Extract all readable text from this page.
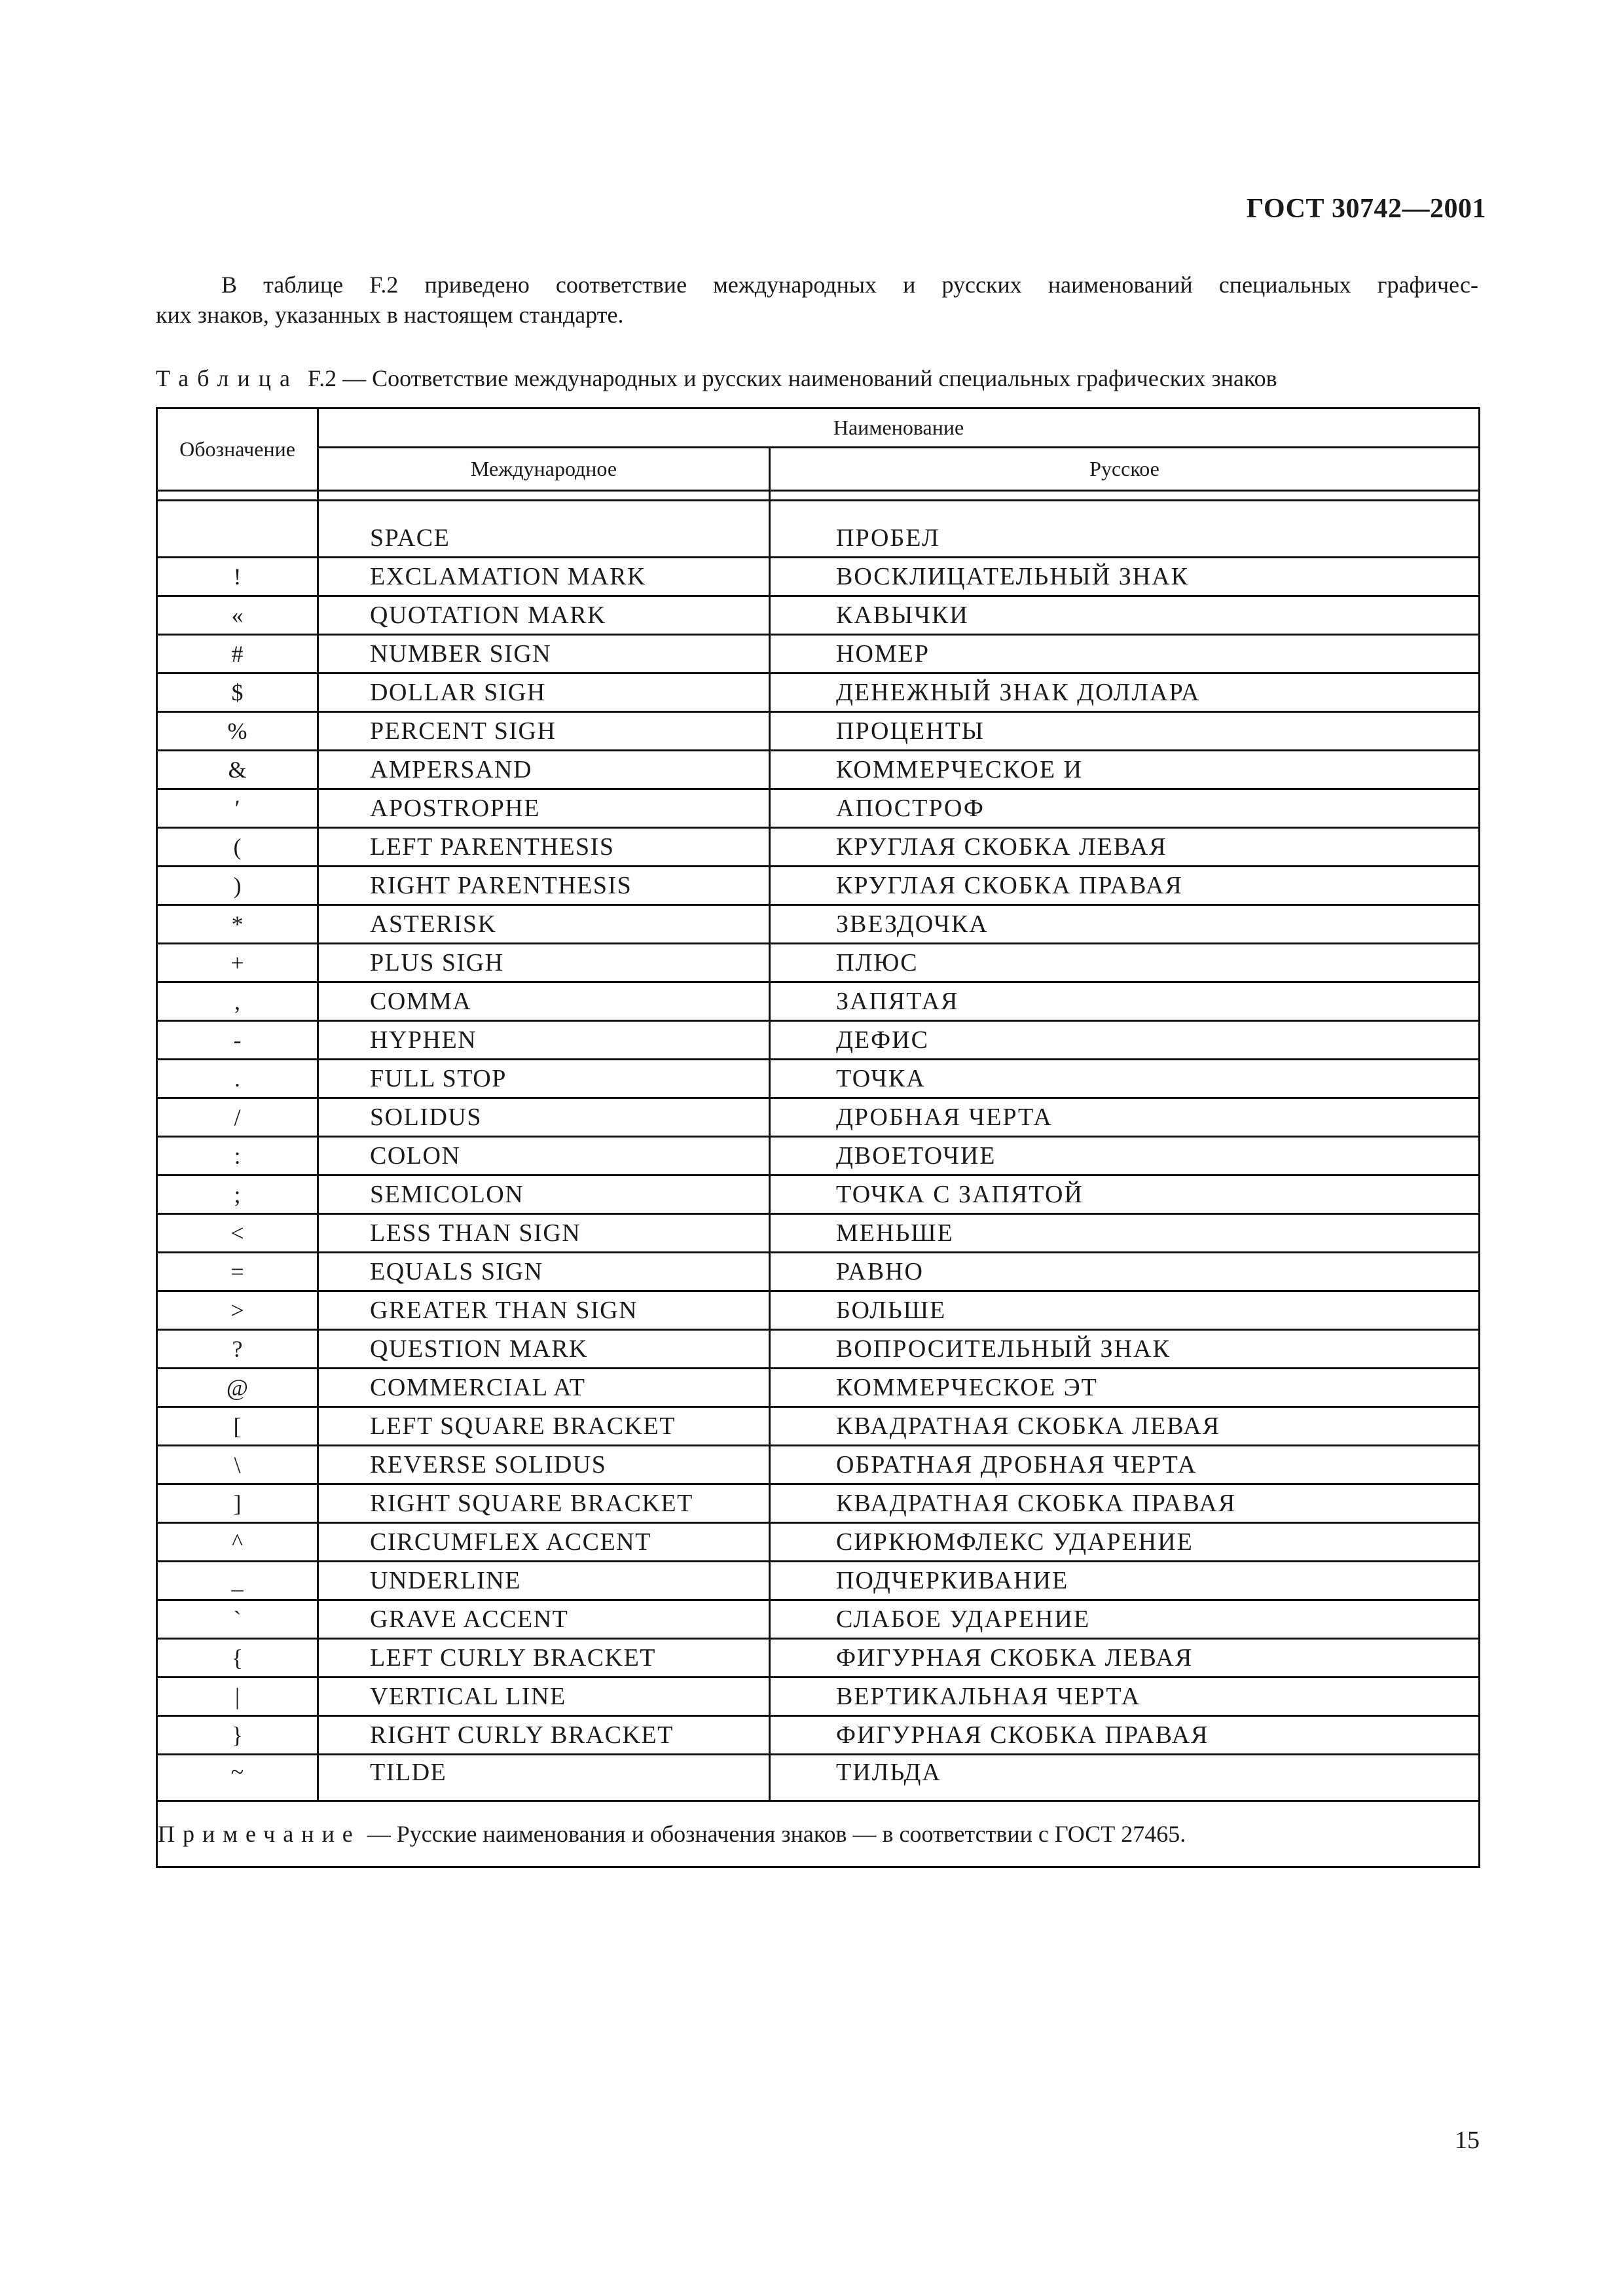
ГОСТ 30742—2001

В таблице F.2 приведено соответствие международных и русских наименований специальных графичес-
ких знаков, указанных в настоящем стандарте.

Таблица F.2 — Соответствие международных и русских наименований специальных графических знаков
Обозначение	Наименование	
	Международное	Русское

	SPACE	ПРОБЕЛ
!	EXCLAMATION MARK	ВОСКЛИЦАТЕЛЬНЫЙ ЗНАК
«	QUOTATION MARK	КАВЫЧКИ
#	NUMBER SIGN	НОМЕР
$	DOLLAR SIGH	ДЕНЕЖНЫЙ ЗНАК ДОЛЛАРА
%	PERCENT SIGH	ПРОЦЕНТЫ
&	AMPERSAND	КОММЕРЧЕСКОЕ И
′	APOSTROPHE	АПОСТРОФ
(	LEFT PARENTHESIS	КРУГЛАЯ СКОБКА ЛЕВАЯ
)	RIGHT PARENTHESIS	КРУГЛАЯ СКОБКА ПРАВАЯ
*	ASTERISK	ЗВЕЗДОЧКА
+	PLUS SIGH	ПЛЮС
,	COMMA	ЗАПЯТАЯ
-	HYPHEN	ДЕФИС
.	FULL STOP	ТОЧКА
/	SOLIDUS	ДРОБНАЯ ЧЕРТА
:	COLON	ДВОЕТОЧИЕ
;	SEMICOLON	ТОЧКА С ЗАПЯТОЙ
<	LESS THAN SIGN	МЕНЬШЕ
=	EQUALS SIGN	РАВНО
>	GREATER THAN SIGN	БОЛЬШЕ
?	QUESTION MARK	ВОПРОСИТЕЛЬНЫЙ ЗНАК
@	COMMERCIAL AT	КОММЕРЧЕСКОЕ ЭТ
[	LEFT SQUARE BRACKET	КВАДРАТНАЯ СКОБКА ЛЕВАЯ
\	REVERSE SOLIDUS	ОБРАТНАЯ ДРОБНАЯ ЧЕРТА
]	RIGHT SQUARE BRACKET	КВАДРАТНАЯ СКОБКА ПРАВАЯ
^	CIRCUMFLEX ACCENT	СИРКЮМФЛЕКС УДАРЕНИЕ
_	UNDERLINE	ПОДЧЕРКИВАНИЕ
`	GRAVE ACCENT	СЛАБОЕ УДАРЕНИЕ
{	LEFT CURLY BRACKET	ФИГУРНАЯ СКОБКА ЛЕВАЯ
|	VERTICAL LINE	ВЕРТИКАЛЬНАЯ ЧЕРТА
}	RIGHT CURLY BRACKET	ФИГУРНАЯ СКОБКА ПРАВАЯ
~	TILDE	ТИЛЬДА
Примечание — Русские наименования и обозначения знаков — в соответствии с ГОСТ 27465.		
15
